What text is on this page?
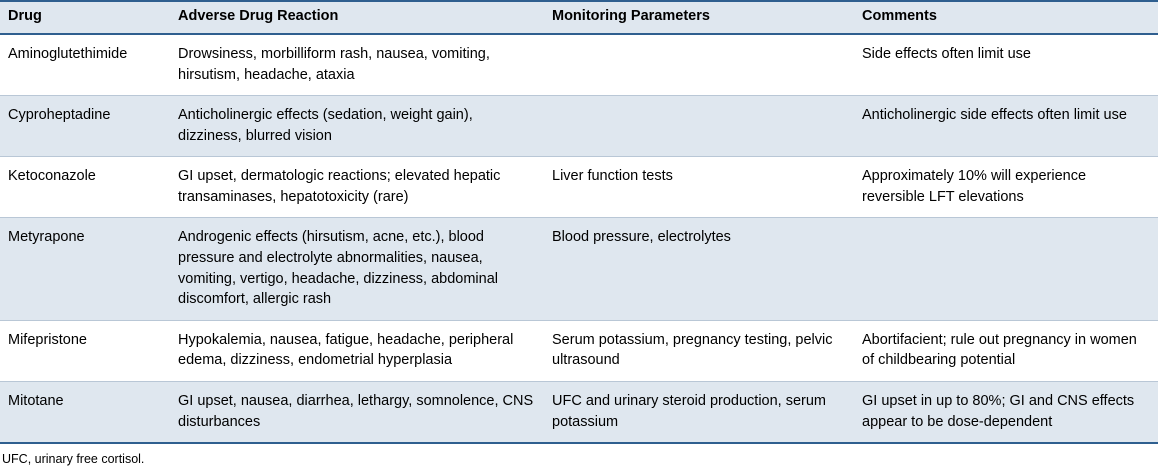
Drug	Adverse Drug Reaction	Monitoring Parameters	Comments
Aminoglutethimide	Drowsiness, morbilliform rash, nausea, vomiting, hirsutism, headache, ataxia		Side effects often limit use
Cyproheptadine	Anticholinergic effects (sedation, weight gain), dizziness, blurred vision		Anticholinergic side effects often limit use
Ketoconazole	GI upset, dermatologic reactions; elevated hepatic transaminases, hepatotoxicity (rare)	Liver function tests	Approximately 10% will experience reversible LFT elevations
Metyrapone	Androgenic effects (hirsutism, acne, etc.), blood pressure and electrolyte abnormalities, nausea, vomiting, vertigo, headache, dizziness, abdominal discomfort, allergic rash	Blood pressure, electrolytes	
Mifepristone	Hypokalemia, nausea, fatigue, headache, peripheral edema, dizziness, endometrial hyperplasia	Serum potassium, pregnancy testing, pelvic ultrasound	Abortifacient; rule out pregnancy in women of childbearing potential
Mitotane	GI upset, nausea, diarrhea, lethargy, somnolence, CNS disturbances	UFC and urinary steroid production, serum potassium	GI upset in up to 80%; GI and CNS effects appear to be dose-dependent
UFC, urinary free cortisol.
